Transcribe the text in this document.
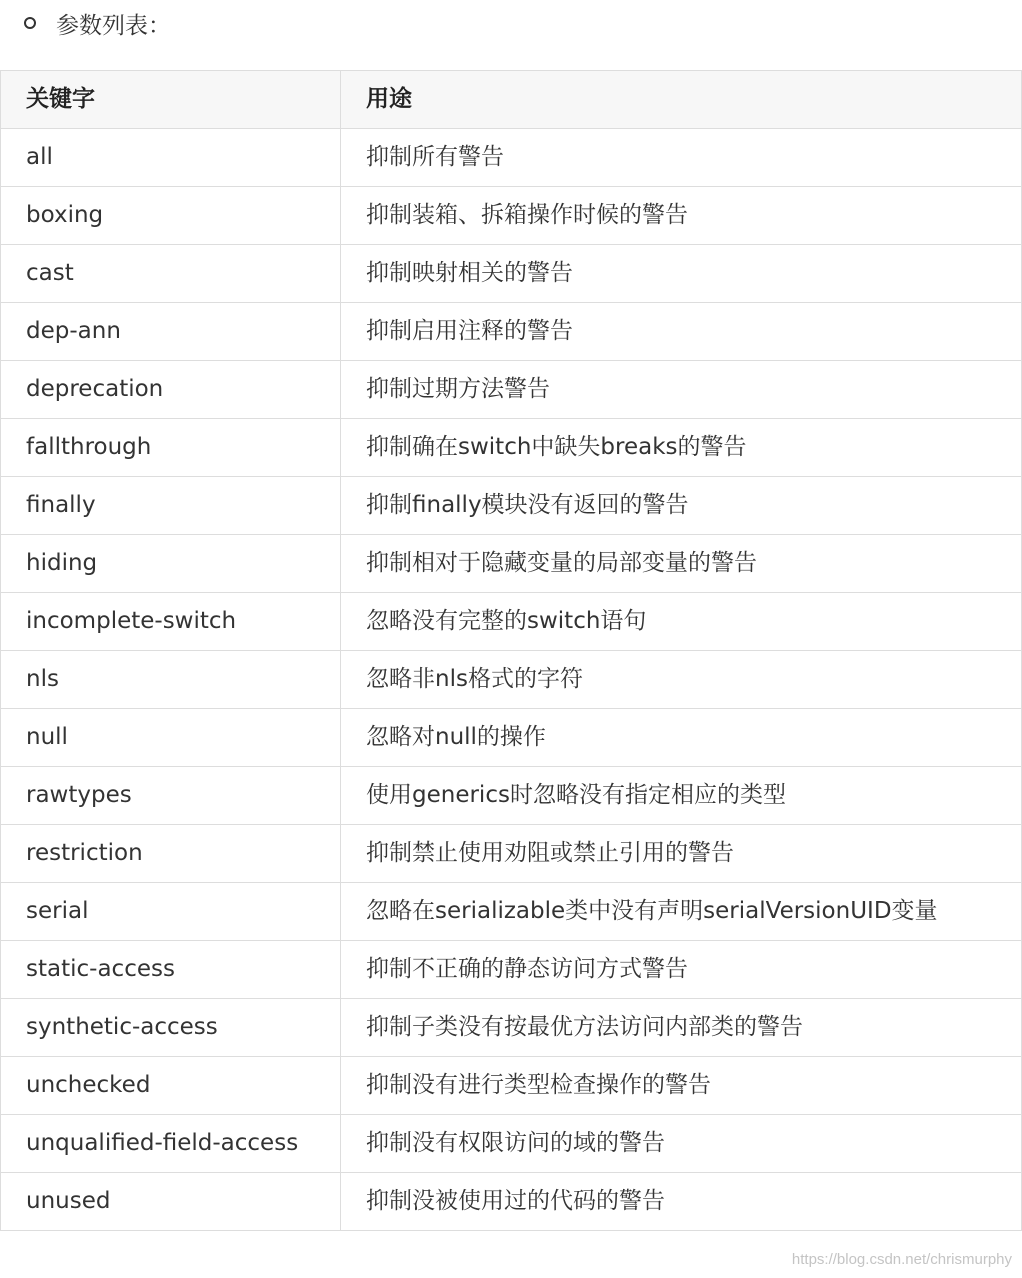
参数列表：
关键字	用途
all	抑制所有警告
boxing	抑制装箱、拆箱操作时候的警告
cast	抑制映射相关的警告
dep-ann	抑制启用注释的警告
deprecation	抑制过期方法警告
fallthrough	抑制确在switch中缺失breaks的警告
finally	抑制finally模块没有返回的警告
hiding	抑制相对于隐藏变量的局部变量的警告
incomplete-switch	忽略没有完整的switch语句
nls	忽略非nls格式的字符
null	忽略对null的操作
rawtypes	使用generics时忽略没有指定相应的类型
restriction	抑制禁止使用劝阻或禁止引用的警告
serial	忽略在serializable类中没有声明serialVersionUID变量
static-access	抑制不正确的静态访问方式警告
synthetic-access	抑制子类没有按最优方法访问内部类的警告
unchecked	抑制没有进行类型检查操作的警告
unqualified-field-access	抑制没有权限访问的域的警告
unused	抑制没被使用过的代码的警告
https://blog.csdn.net/chrismurphy
